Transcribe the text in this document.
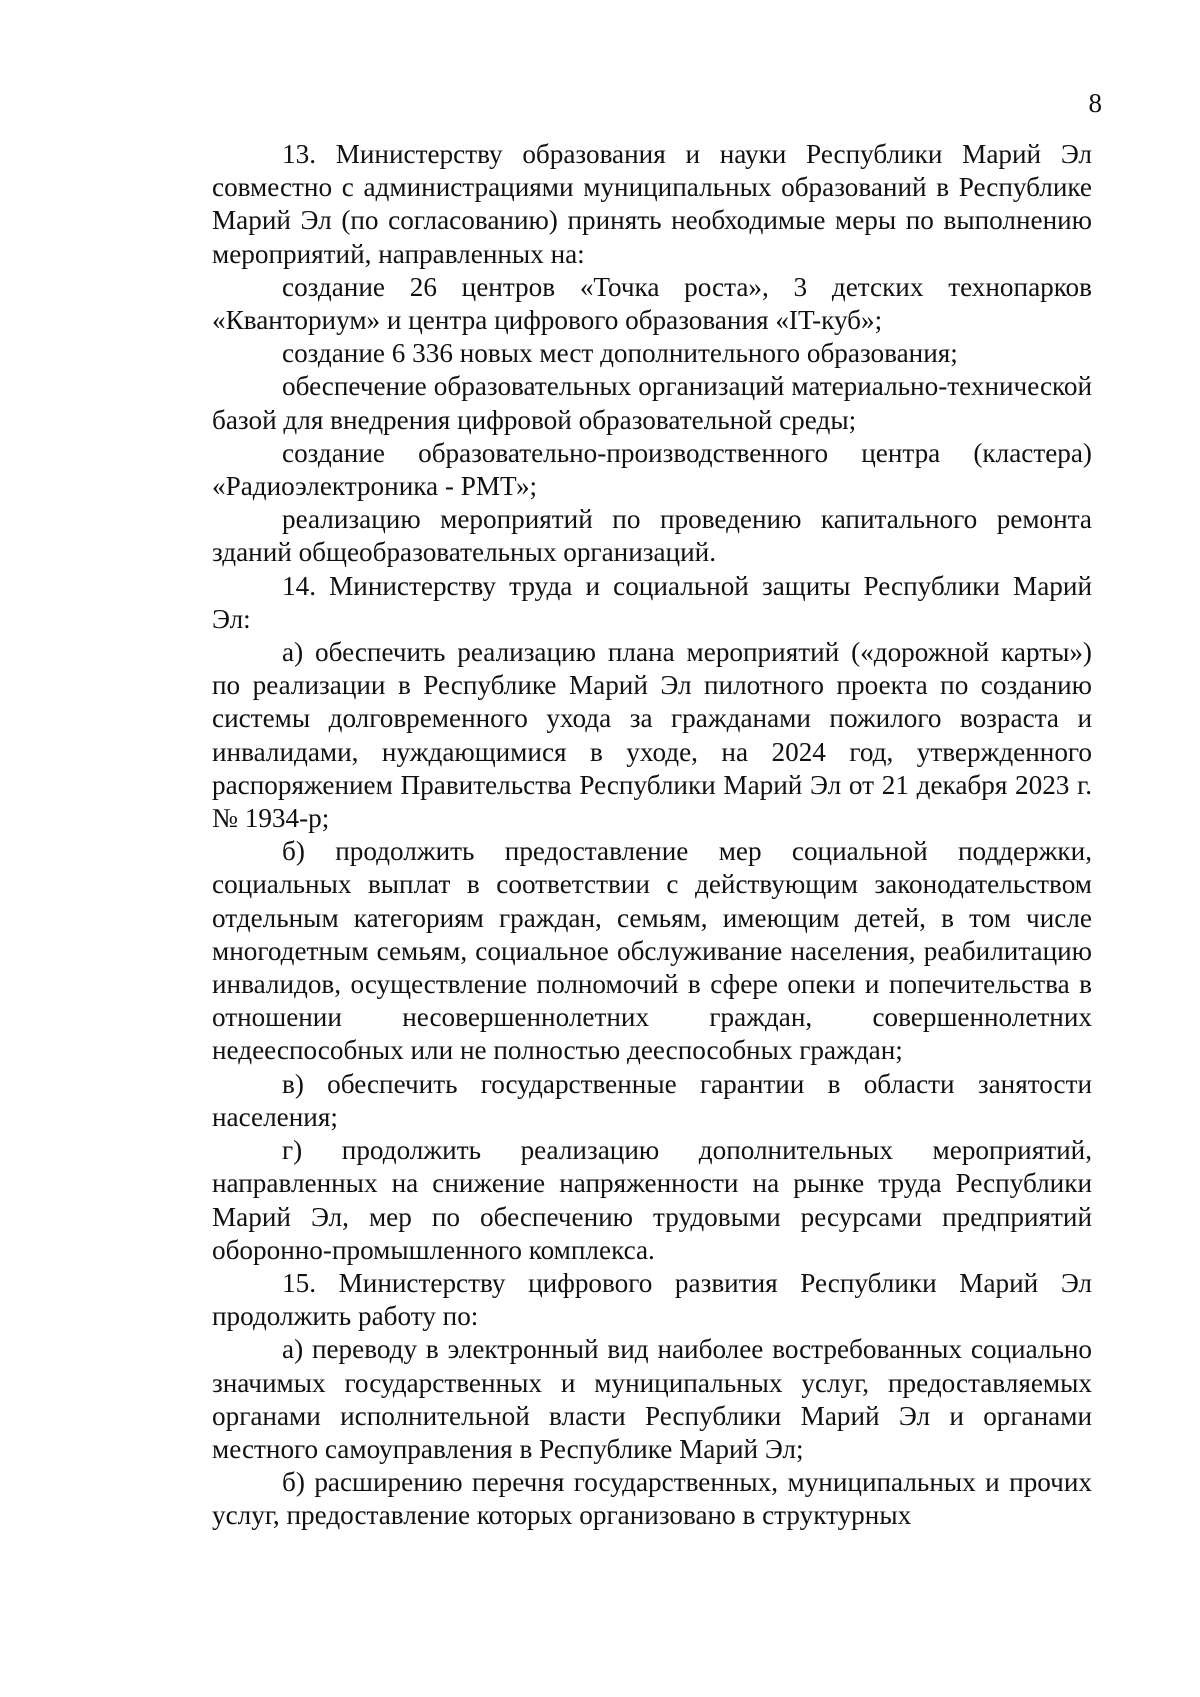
8

13. Министерству образования и науки Республики Марий Эл совместно с администрациями муниципальных образований в Республике Марий Эл (по согласованию) принять необходимые меры по выполнению мероприятий, направленных на:

создание 26 центров «Точка роста», 3 детских технопарков «Кванториум» и центра цифрового образования «IT-куб»;

создание 6 336 новых мест дополнительного образования;

обеспечение образовательных организаций материально-технической базой для внедрения цифровой образовательной среды;

создание образовательно-производственного центра (кластера) «Радиоэлектроника - РМТ»;

реализацию мероприятий по проведению капитального ремонта зданий общеобразовательных организаций.

14. Министерству труда и социальной защиты Республики Марий Эл:

а) обеспечить реализацию плана мероприятий («дорожной карты») по реализации в Республике Марий Эл пилотного проекта по созданию системы долговременного ухода за гражданами пожилого возраста и инвалидами, нуждающимися в уходе, на 2024 год, утвержденного распоряжением Правительства Республики Марий Эл от 21 декабря 2023 г. № 1934-р;

б) продолжить предоставление мер социальной поддержки, социальных выплат в соответствии с действующим законодательством отдельным категориям граждан, семьям, имеющим детей, в том числе многодетным семьям, социальное обслуживание населения, реабилитацию инвалидов, осуществление полномочий в сфере опеки и попечительства в отношении несовершеннолетних граждан, совершеннолетних недееспособных или не полностью дееспособных граждан;

в) обеспечить государственные гарантии в области занятости населения;

г) продолжить реализацию дополнительных мероприятий, направленных на снижение напряженности на рынке труда Республики Марий Эл, мер по обеспечению трудовыми ресурсами предприятий оборонно-промышленного комплекса.

15. Министерству цифрового развития Республики Марий Эл продолжить работу по:

а) переводу в электронный вид наиболее востребованных социально значимых государственных и муниципальных услуг, предоставляемых органами исполнительной власти Республики Марий Эл и органами местного самоуправления в Республике Марий Эл;

б) расширению перечня государственных, муниципальных и прочих услуг, предоставление которых организовано в структурных
